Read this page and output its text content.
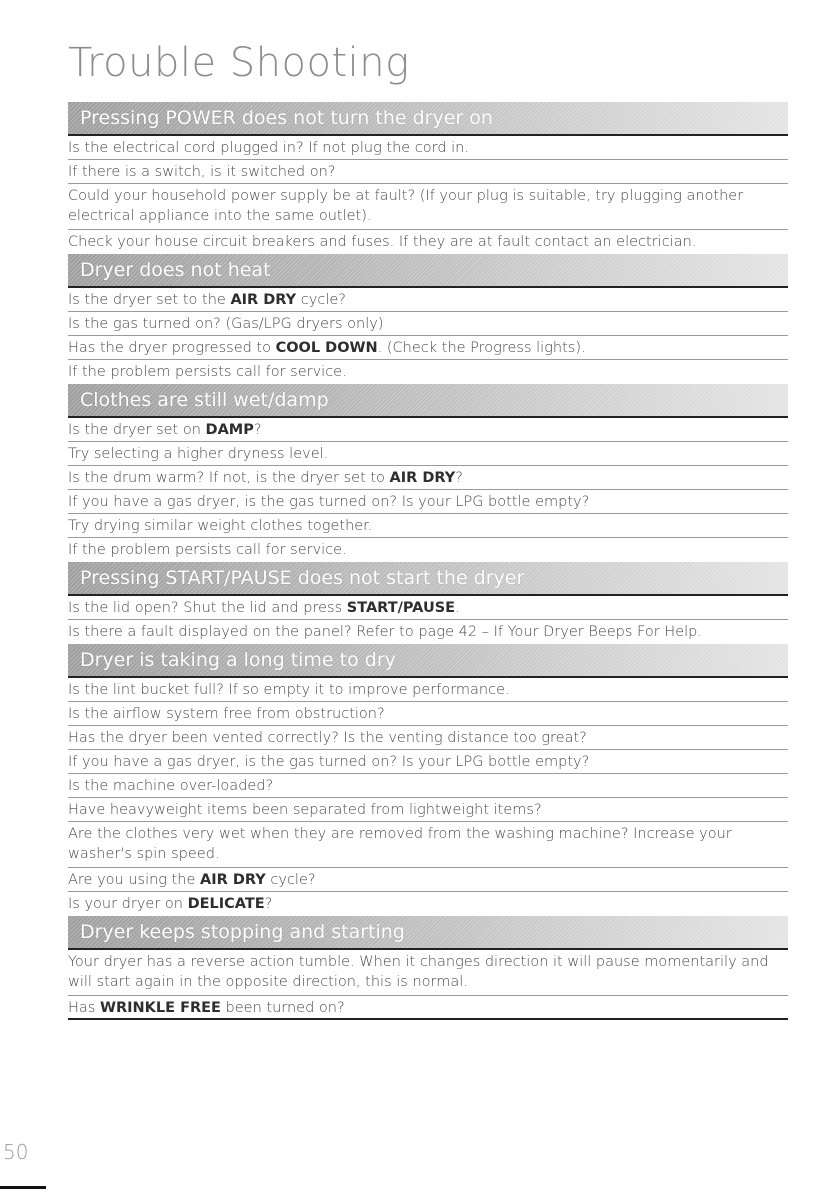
Trouble Shooting
Pressing POWER does not turn the dryer on
Is the electrical cord plugged in? If not plug the cord in.
If there is a switch, is it switched on?
Could your household power supply be at fault? (If your plug is suitable, try plugging another electrical appliance into the same outlet).
Check your house circuit breakers and fuses. If they are at fault contact an electrician.
Dryer does not heat
Is the dryer set to the AIR DRY cycle?
Is the gas turned on? (Gas/LPG dryers only)
Has the dryer progressed to COOL DOWN. (Check the Progress lights).
If the problem persists call for service.
Clothes are still wet/damp
Is the dryer set on DAMP?
Try selecting a higher dryness level.
Is the drum warm? If not, is the dryer set to AIR DRY?
If you have a gas dryer, is the gas turned on? Is your LPG bottle empty?
Try drying similar weight clothes together.
If the problem persists call for service.
Pressing START/PAUSE does not start the dryer
Is the lid open? Shut the lid and press START/PAUSE.
Is there a fault displayed on the panel? Refer to page 42 – If Your Dryer Beeps For Help.
Dryer is taking a long time to dry
Is the lint bucket full? If so empty it to improve performance.
Is the airflow system free from obstruction?
Has the dryer been vented correctly? Is the venting distance too great?
If you have a gas dryer, is the gas turned on? Is your LPG bottle empty?
Is the machine over-loaded?
Have heavyweight items been separated from lightweight items?
Are the clothes very wet when they are removed from the washing machine? Increase your washer's spin speed.
Are you using the AIR DRY cycle?
Is your dryer on DELICATE?
Dryer keeps stopping and starting
Your dryer has a reverse action tumble. When it changes direction it will pause momentarily and will start again in the opposite direction, this is normal.
Has WRINKLE FREE been turned on?
50
